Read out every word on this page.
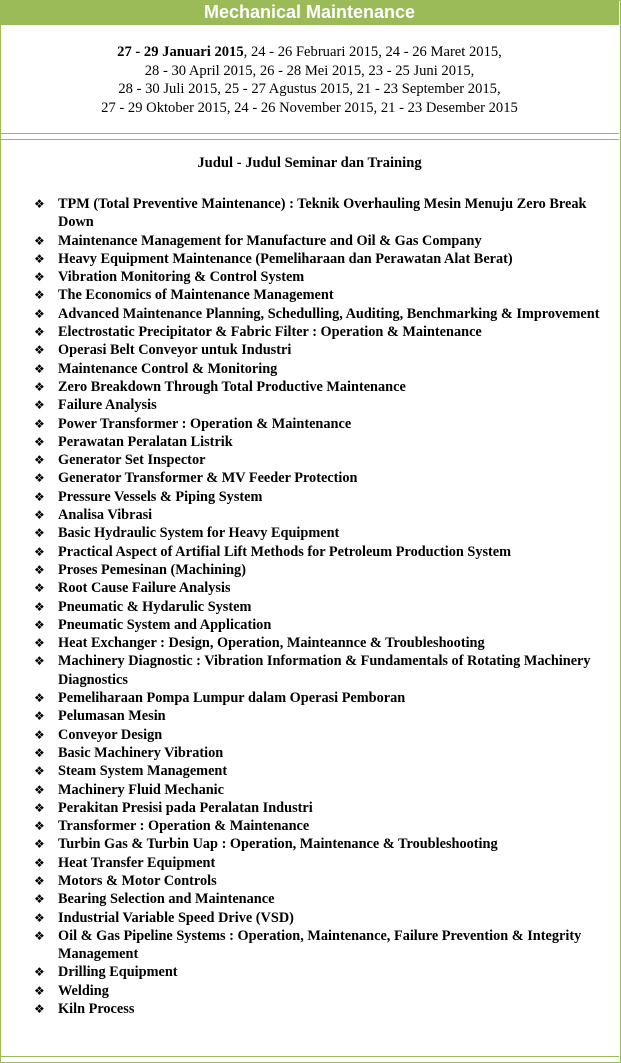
Mechanical Maintenance
27 - 29 Januari 2015, 24 - 26 Februari 2015, 24 - 26 Maret 2015,
28 - 30 April 2015, 26 - 28 Mei 2015, 23 - 25 Juni 2015,
28 - 30 Juli 2015, 25 - 27 Agustus 2015, 21 - 23 September 2015,
27 - 29 Oktober 2015, 24 - 26 November 2015, 21 - 23 Desember 2015
Judul - Judul Seminar dan Training
❖ TPM (Total Preventive Maintenance) : Teknik Overhauling Mesin Menuju Zero Break Down
❖ Maintenance Management for Manufacture and Oil & Gas Company
❖ Heavy Equipment Maintenance (Pemeliharaan dan Perawatan Alat Berat)
❖ Vibration Monitoring & Control System
❖ The Economics of Maintenance Management
❖ Advanced Maintenance Planning, Schedulling, Auditing, Benchmarking & Improvement
❖ Electrostatic Precipitator & Fabric Filter : Operation & Maintenance
❖ Operasi Belt Conveyor untuk Industri
❖ Maintenance Control & Monitoring
❖ Zero Breakdown Through Total Productive Maintenance
❖ Failure Analysis
❖ Power Transformer : Operation & Maintenance
❖ Perawatan Peralatan Listrik
❖ Generator Set Inspector
❖ Generator Transformer & MV Feeder Protection
❖ Pressure Vessels & Piping System
❖ Analisa Vibrasi
❖ Basic Hydraulic System for Heavy Equipment
❖ Practical Aspect of Artifial Lift Methods for Petroleum Production System
❖ Proses Pemesinan (Machining)
❖ Root Cause Failure Analysis
❖ Pneumatic & Hydarulic System
❖ Pneumatic System and Application
❖ Heat Exchanger : Design, Operation, Mainteannce & Troubleshooting
❖ Machinery Diagnostic : Vibration Information & Fundamentals of Rotating Machinery Diagnostics
❖ Pemeliharaan Pompa Lumpur dalam Operasi Pemboran
❖ Pelumasan Mesin
❖ Conveyor Design
❖ Basic Machinery Vibration
❖ Steam System Management
❖ Machinery Fluid Mechanic
❖ Perakitan Presisi pada Peralatan Industri
❖ Transformer : Operation & Maintenance
❖ Turbin Gas & Turbin Uap : Operation, Maintenance & Troubleshooting
❖ Heat Transfer Equipment
❖ Motors & Motor Controls
❖ Bearing Selection and Maintenance
❖ Industrial Variable Speed Drive (VSD)
❖ Oil & Gas Pipeline Systems : Operation, Maintenance, Failure Prevention & Integrity Management
❖ Drilling Equipment
❖ Welding
❖ Kiln Process
